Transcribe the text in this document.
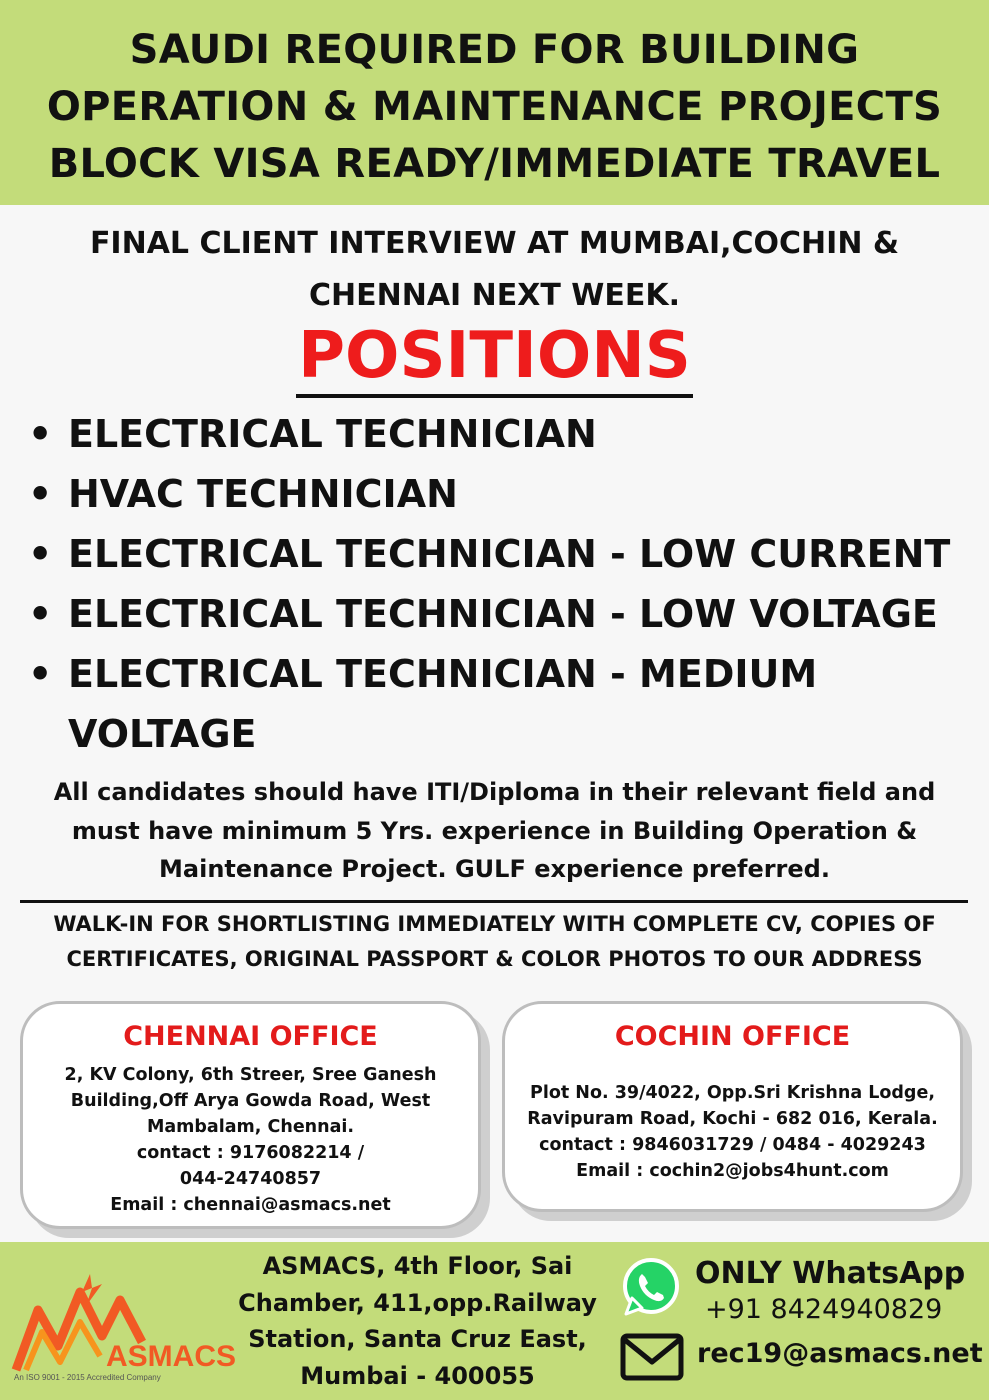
SAUDI REQUIRED FOR BUILDING
OPERATION & MAINTENANCE PROJECTS
BLOCK VISA READY/IMMEDIATE TRAVEL
FINAL CLIENT INTERVIEW AT MUMBAI,COCHIN &
CHENNAI NEXT WEEK.
POSITIONS
• ELECTRICAL TECHNICIAN
• HVAC TECHNICIAN
• ELECTRICAL TECHNICIAN - LOW CURRENT
• ELECTRICAL TECHNICIAN - LOW VOLTAGE
• ELECTRICAL TECHNICIAN - MEDIUM VOLTAGE
All candidates should have ITI/Diploma in their relevant field and
must have minimum 5 Yrs. experience in Building Operation &
Maintenance Project. GULF experience preferred.
WALK-IN FOR SHORTLISTING IMMEDIATELY WITH COMPLETE CV, COPIES OF
CERTIFICATES, ORIGINAL PASSPORT & COLOR PHOTOS TO OUR ADDRESS
CHENNAI OFFICE
2, KV Colony, 6th Streer, Sree Ganesh
Building,Off Arya Gowda Road, West
Mambalam, Chennai.
contact : 9176082214 /
044-24740857
Email : chennai@asmacs.net
COCHIN OFFICE
Plot No. 39/4022, Opp.Sri Krishna Lodge,
Ravipuram Road, Kochi - 682 016, Kerala.
contact : 9846031729 / 0484 - 4029243
Email : cochin2@jobs4hunt.com
ASMACS
An ISO 9001 - 2015 Accredited Company
ASMACS, 4th Floor, Sai
Chamber, 411,opp.Railway
Station, Santa Cruz East,
Mumbai - 400055
ONLY WhatsApp
+91 8424940829
rec19@asmacs.net
